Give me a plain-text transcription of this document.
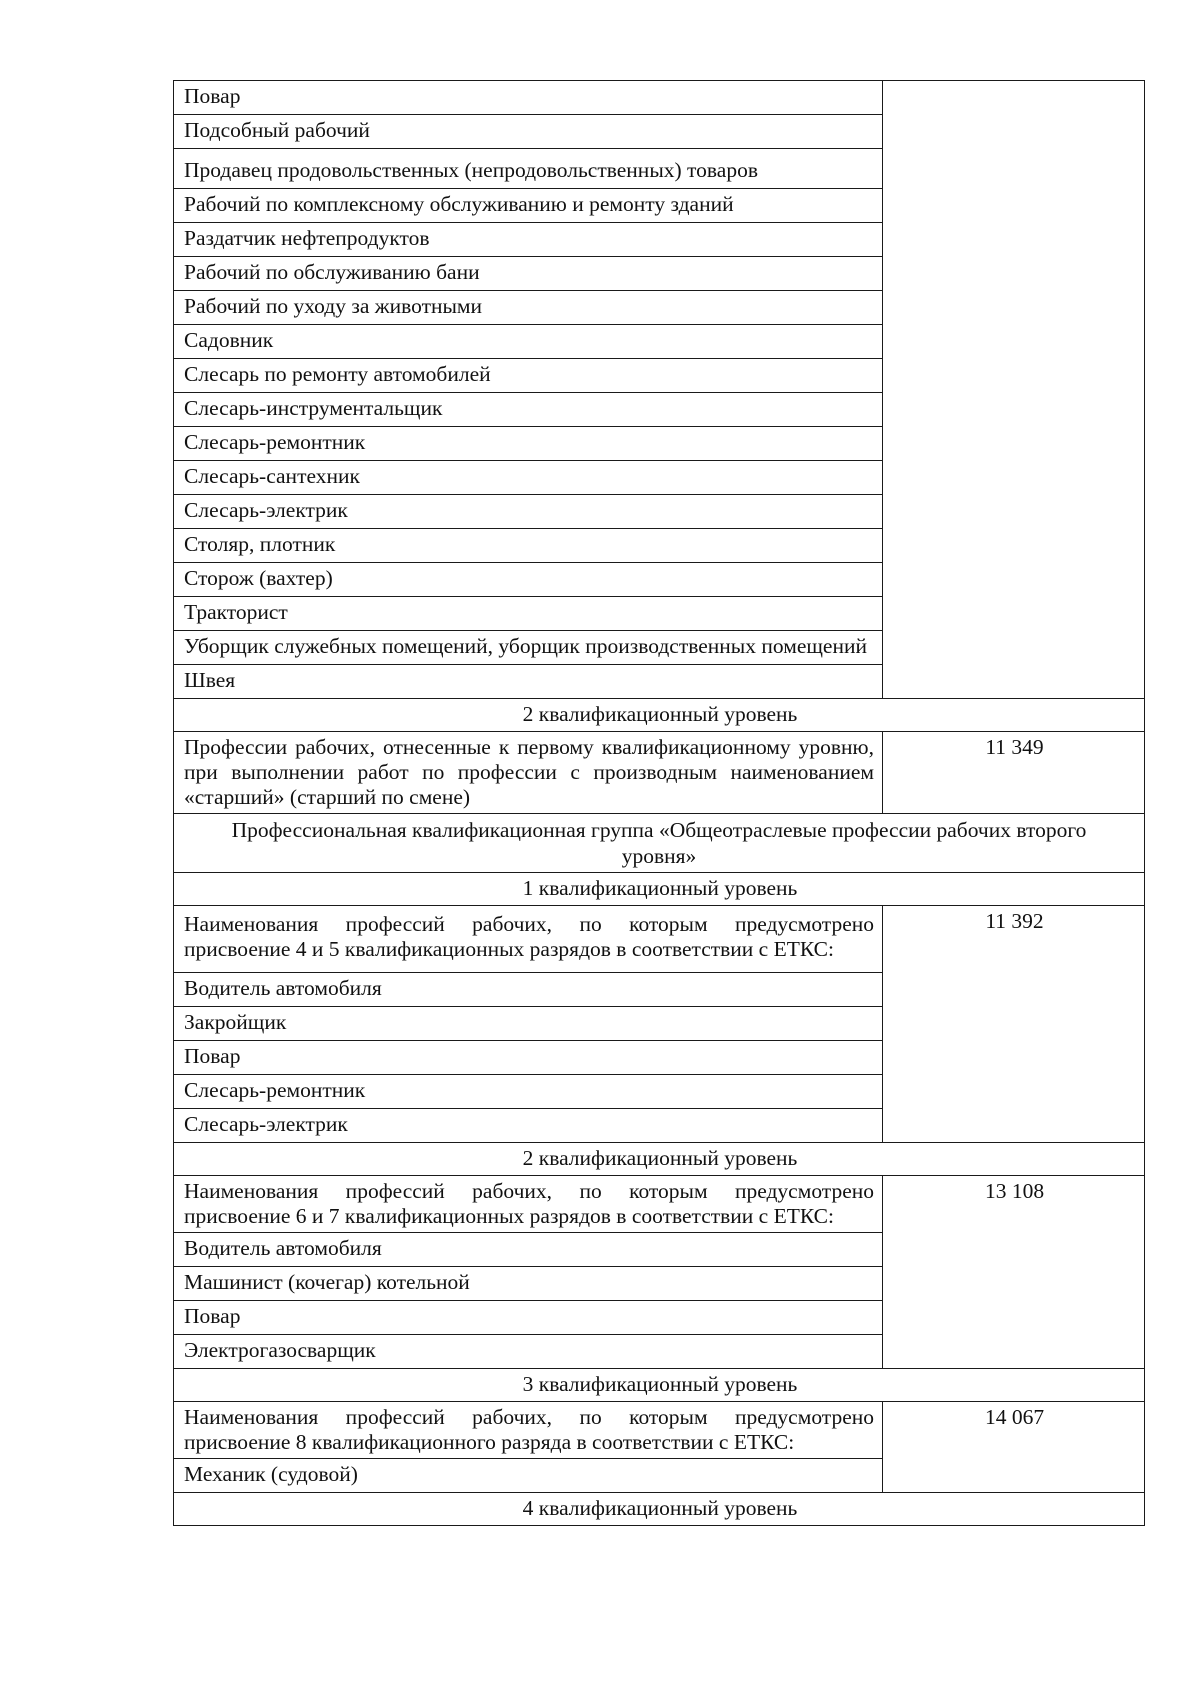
Повар	
Подсобный рабочий	
Продавец продовольственных (непродовольственных) товаров	
Рабочий по комплексному обслуживанию и ремонту зданий	
Раздатчик нефтепродуктов	
Рабочий по обслуживанию бани	
Рабочий по уходу за животными	
Садовник	
Слесарь по ремонту автомобилей	
Слесарь-инструментальщик	
Слесарь-ремонтник	
Слесарь-сантехник	
Слесарь-электрик	
Столяр, плотник	
Сторож (вахтер)	
Тракторист	
Уборщик служебных помещений, уборщик производственных помещений	
Швея	
2 квалификационный уровень	
Профессии рабочих, отнесенные к первому квалификационному уровню, при выполнении работ по профессии с производным наименованием «старший» (старший по смене)	11 349
Профессиональная квалификационная группа «Общеотраслевые профессии рабочих второго уровня»	
1 квалификационный уровень	
Наименования профессий рабочих, по которым предусмотрено присвоение 4 и 5 квалификационных разрядов в соответствии с ЕТКС:	11 392
Водитель автомобиля	
Закройщик	
Повар	
Слесарь-ремонтник	
Слесарь-электрик	
2 квалификационный уровень	
Наименования профессий рабочих, по которым предусмотрено присвоение 6 и 7 квалификационных разрядов в соответствии с ЕТКС:	13 108
Водитель автомобиля	
Машинист (кочегар) котельной	
Повар	
Электрогазосварщик	
3 квалификационный уровень	
Наименования профессий рабочих, по которым предусмотрено присвоение 8 квалификационного разряда в соответствии с ЕТКС:	14 067
Механик (судовой)	
4 квалификационный уровень	
